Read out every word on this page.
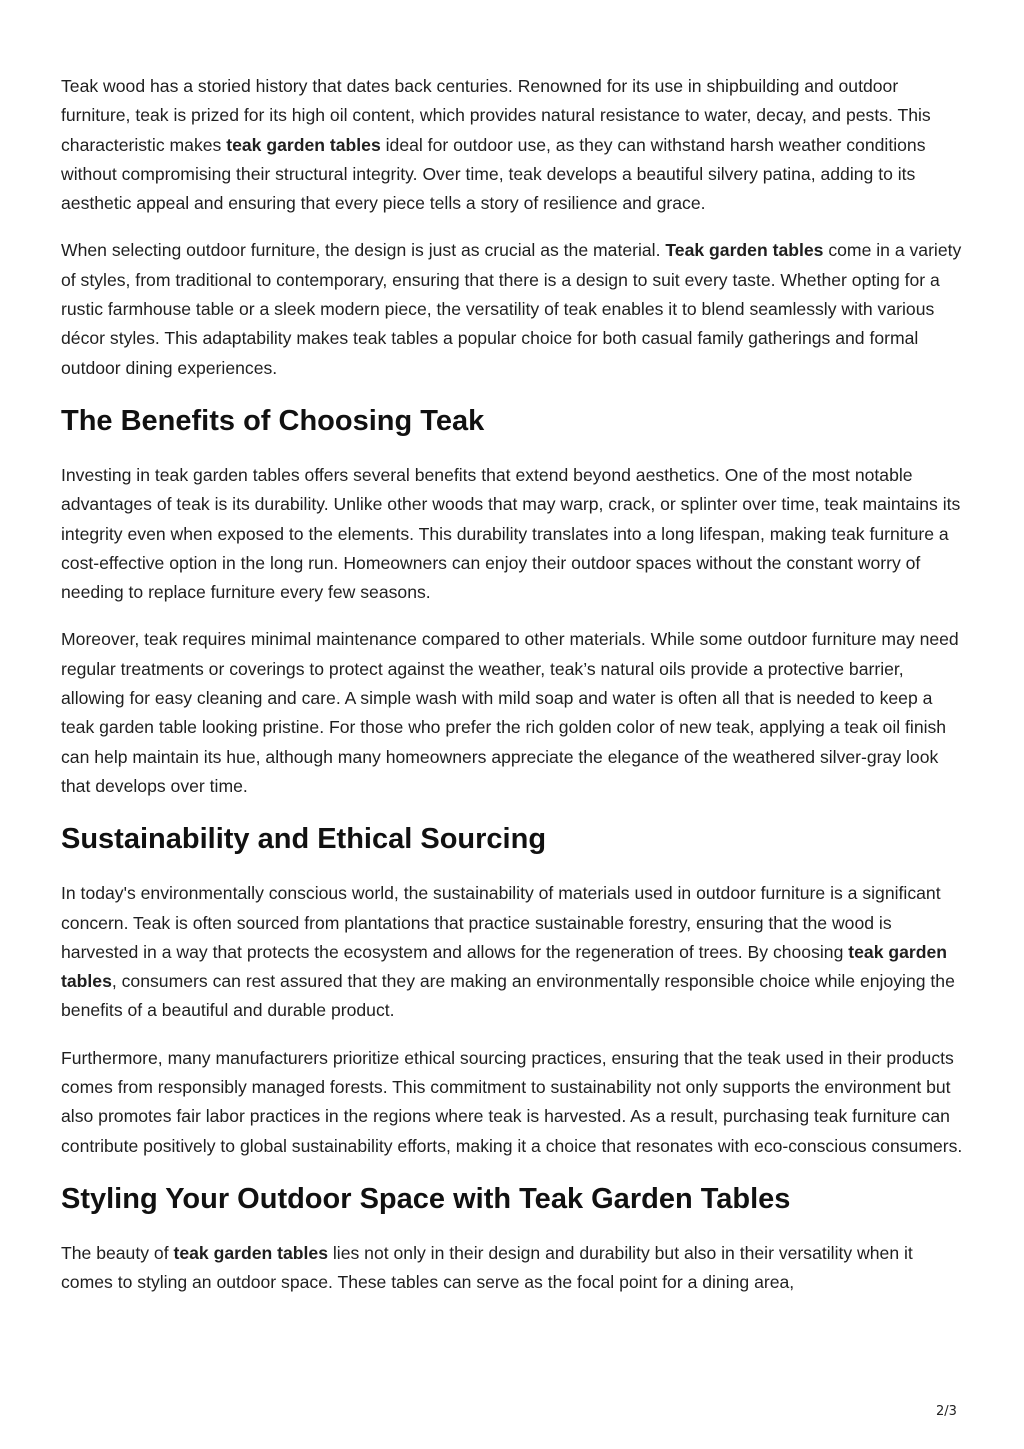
Teak wood has a storied history that dates back centuries. Renowned for its use in shipbuilding and outdoor furniture, teak is prized for its high oil content, which provides natural resistance to water, decay, and pests. This characteristic makes teak garden tables ideal for outdoor use, as they can withstand harsh weather conditions without compromising their structural integrity. Over time, teak develops a beautiful silvery patina, adding to its aesthetic appeal and ensuring that every piece tells a story of resilience and grace.

When selecting outdoor furniture, the design is just as crucial as the material. Teak garden tables come in a variety of styles, from traditional to contemporary, ensuring that there is a design to suit every taste. Whether opting for a rustic farmhouse table or a sleek modern piece, the versatility of teak enables it to blend seamlessly with various décor styles. This adaptability makes teak tables a popular choice for both casual family gatherings and formal outdoor dining experiences.

The Benefits of Choosing Teak

Investing in teak garden tables offers several benefits that extend beyond aesthetics. One of the most notable advantages of teak is its durability. Unlike other woods that may warp, crack, or splinter over time, teak maintains its integrity even when exposed to the elements. This durability translates into a long lifespan, making teak furniture a cost-effective option in the long run. Homeowners can enjoy their outdoor spaces without the constant worry of needing to replace furniture every few seasons.

Moreover, teak requires minimal maintenance compared to other materials. While some outdoor furniture may need regular treatments or coverings to protect against the weather, teak’s natural oils provide a protective barrier, allowing for easy cleaning and care. A simple wash with mild soap and water is often all that is needed to keep a teak garden table looking pristine. For those who prefer the rich golden color of new teak, applying a teak oil finish can help maintain its hue, although many homeowners appreciate the elegance of the weathered silver-gray look that develops over time.

Sustainability and Ethical Sourcing

In today's environmentally conscious world, the sustainability of materials used in outdoor furniture is a significant concern. Teak is often sourced from plantations that practice sustainable forestry, ensuring that the wood is harvested in a way that protects the ecosystem and allows for the regeneration of trees. By choosing teak garden tables, consumers can rest assured that they are making an environmentally responsible choice while enjoying the benefits of a beautiful and durable product.

Furthermore, many manufacturers prioritize ethical sourcing practices, ensuring that the teak used in their products comes from responsibly managed forests. This commitment to sustainability not only supports the environment but also promotes fair labor practices in the regions where teak is harvested. As a result, purchasing teak furniture can contribute positively to global sustainability efforts, making it a choice that resonates with eco-conscious consumers.

Styling Your Outdoor Space with Teak Garden Tables

The beauty of teak garden tables lies not only in their design and durability but also in their versatility when it comes to styling an outdoor space. These tables can serve as the focal point for a dining area,

2/3
